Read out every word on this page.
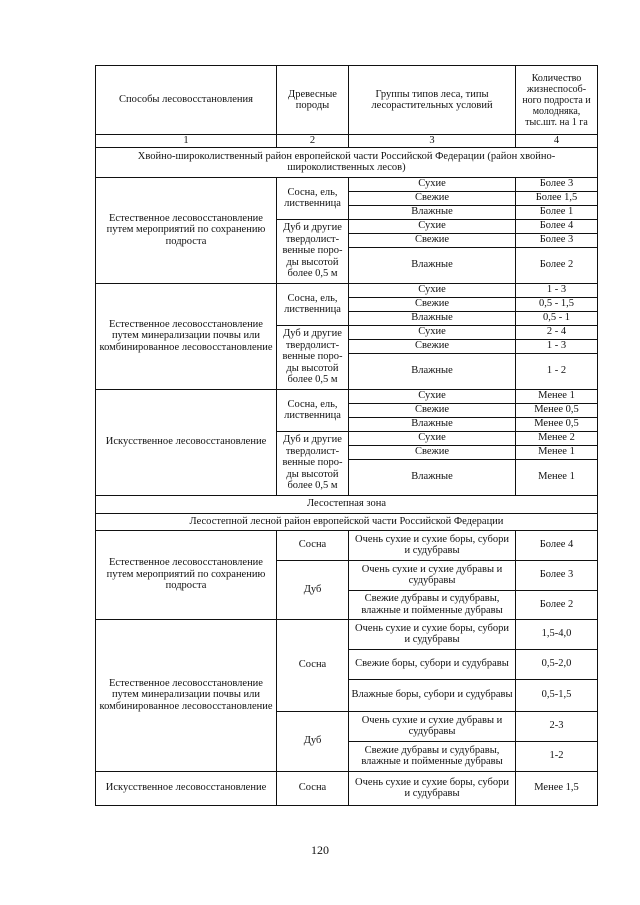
Способы лесовосстановления	Древесные породы	Группы типов леса, типы лесорастительных условий	Количество жизнеспособ-ного подроста и молодняка, тыс.шт. на 1 га
1	2	3	4
Хвойно-широколиственный район европейской части Российской Федерации (район хвойно-широколиственных лесов)			
Естественное лесовосстановление путем мероприятий по сохранению подроста	Сосна, ель, лиственница	Сухие	Более 3
		Свежие	Более 1,5
		Влажные	Более 1
	Дуб и другие твердолист-венные поро-ды высотой более 0,5 м	Сухие	Более 4
		Свежие	Более 3
		Влажные	Более 2

Естественное лесовосстановление путем минерализации почвы или комбинированное лесовосстановление	Сосна, ель, лиственница	Сухие	1 - 3
		Свежие	0,5 - 1,5
		Влажные	0,5 - 1
	Дуб и другие твердолист-венные поро-ды высотой более 0,5 м	Сухие	2 - 4
		Свежие	1 - 3
		Влажные	1 - 2

Искусственное лесовосстановление	Сосна, ель, лиственница	Сухие	Менее 1
		Свежие	Менее 0,5
		Влажные	Менее 0,5
	Дуб и другие твердолист-венные поро-ды высотой более 0,5 м	Сухие	Менее 2
		Свежие	Менее 1
		Влажные	Менее 1

Лесостепная зона			
Лесостепной лесной район европейской части Российской Федерации			
Естественное лесовосстановление путем мероприятий по сохранению подроста	Сосна	Очень сухие и сухие боры, субори и судубравы	Более 4
	Дуб	Очень сухие и сухие дубравы и судубравы	Более 3
		Свежие дубравы и судубравы, влажные и пойменные дубравы	Более 2
Естественное лесовосстановление путем минерализации почвы или комбинированное лесовосстановление	Сосна	Очень сухие и сухие боры, субори и судубравы	1,5-4,0
		Свежие боры, субори и судубравы	0,5-2,0
		Влажные боры, субори и судубравы	0,5-1,5
	Дуб	Очень сухие и сухие дубравы и судубравы	2-3
		Свежие дубравы и судубравы, влажные и пойменные дубравы	1-2
Искусственное лесовосстановление	Сосна	Очень сухие и сухие боры, субори и судубравы	Менее 1,5
120
